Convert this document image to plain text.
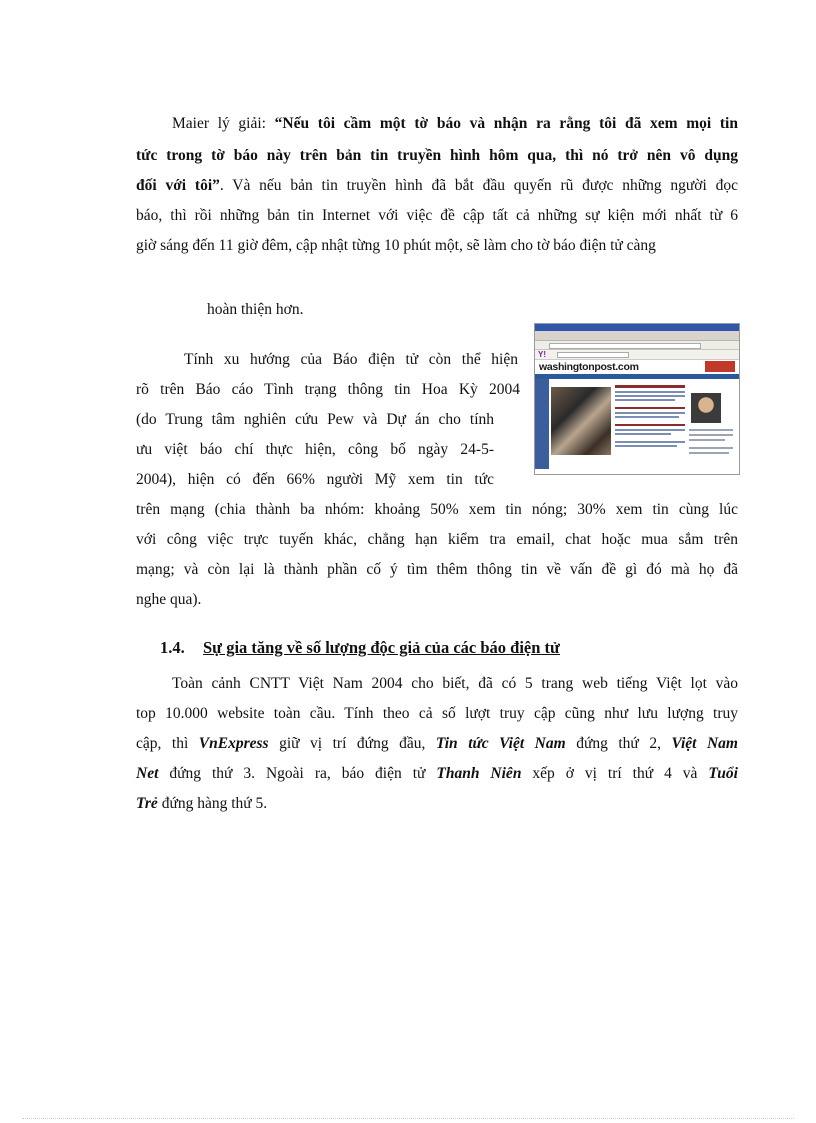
Maier lý giải: “Nếu tôi cầm một tờ báo và nhận ra rằng tôi đã xem mọi tin
tức trong tờ báo này trên bản tin truyền hình hôm qua, thì nó trở nên vô dụng
đối với tôi”. Và nếu bản tin truyền hình đã bắt đầu quyến rũ được những người đọc
báo, thì rồi những bản tin Internet với việc đề cập tất cả những sự kiện mới nhất từ 6
giờ sáng đến 11 giờ đêm, cập nhật từng 10 phút một, sẽ làm cho tờ báo điện tử càng
hoàn thiện hơn.
Tính xu hướng của Báo điện tử còn thể hiện
rõ trên Báo cáo Tình trạng thông tin Hoa Kỳ 2004
(do Trung tâm nghiên cứu Pew và Dự án cho tính
ưu việt báo chí thực hiện, công bố ngày 24-5-
2004), hiện có đến 66% người Mỹ xem tin tức
trên mạng (chia thành ba nhóm: khoảng 50% xem tin nóng; 30% xem tin cùng lúc
với công việc trực tuyến khác, chẳng hạn kiểm tra email, chat hoặc mua sắm trên
mạng; và còn lại là thành phần cố ý tìm thêm thông tin về vấn đề gì đó mà họ đã
nghe qua).
Y!
washingtonpost.com
1.4. Sự gia tăng về số lượng độc giả của các báo điện tử
Toàn cảnh CNTT Việt Nam 2004 cho biết, đã có 5 trang web tiếng Việt lọt vào
top 10.000 website toàn cầu. Tính theo cả số lượt truy cập cũng như lưu lượng truy
cập, thì VnExpress giữ vị trí đứng đầu, Tin tức Việt Nam đứng thứ 2, Việt Nam
Net đứng thứ 3. Ngoài ra, báo điện tử Thanh Niên xếp ở vị trí thứ 4 và Tuổi
Trẻ đứng hàng thứ 5.
